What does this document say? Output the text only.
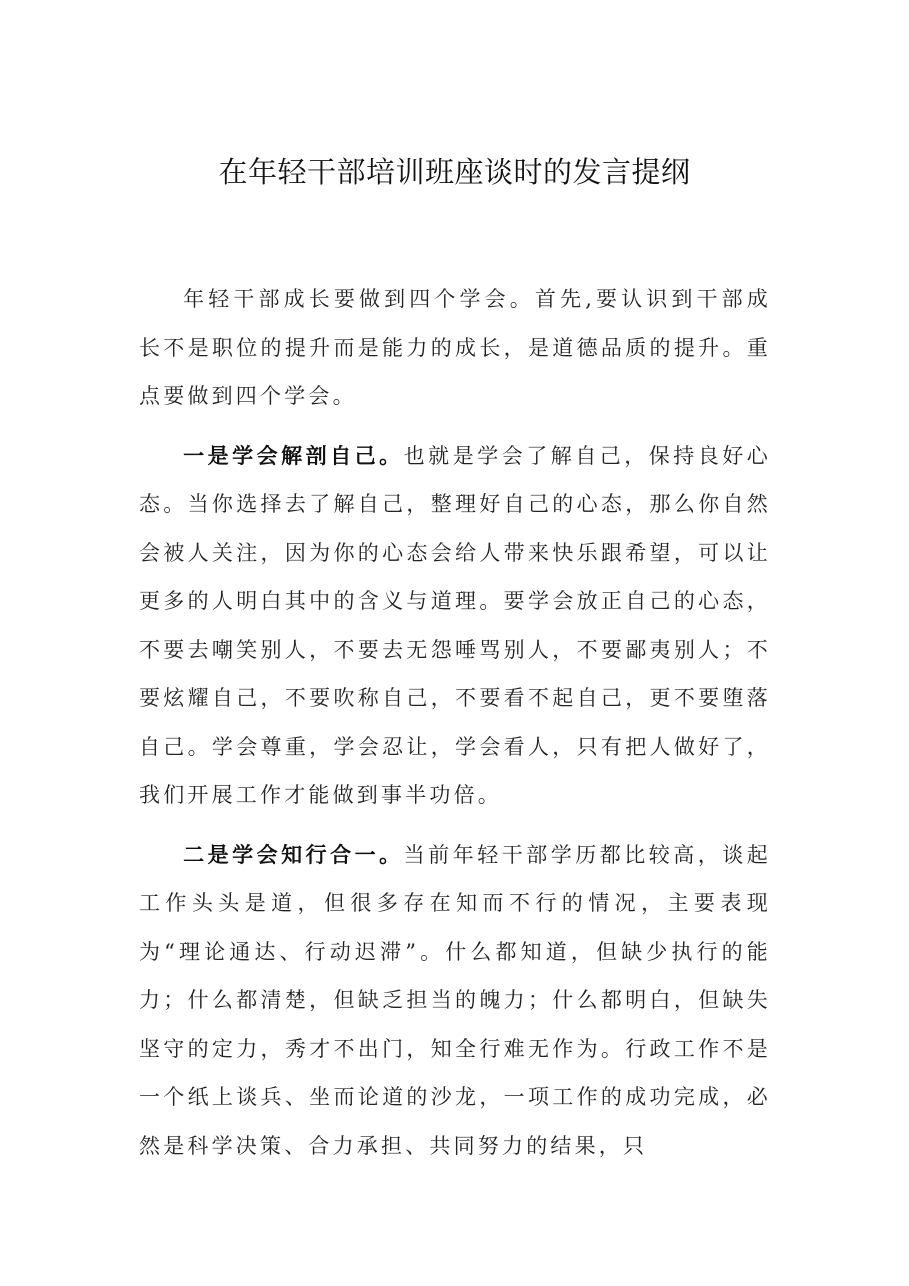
在年轻干部培训班座谈时的发言提纲

年轻干部成长要做到四个学会。首先,要认识到干部成长不是职位的提升而是能力的成长，是道德品质的提升。重点要做到四个学会。

一是学会解剖自己。也就是学会了解自己，保持良好心态。当你选择去了解自己，整理好自己的心态，那么你自然会被人关注，因为你的心态会给人带来快乐跟希望，可以让更多的人明白其中的含义与道理。要学会放正自己的心态，不要去嘲笑别人，不要去无怨唾骂别人，不要鄙夷别人；不要炫耀自己，不要吹称自己，不要看不起自己，更不要堕落自己。学会尊重，学会忍让，学会看人，只有把人做好了，我们开展工作才能做到事半功倍。

二是学会知行合一。当前年轻干部学历都比较高，谈起工作头头是道，但很多存在知而不行的情况，主要表现为“理论通达、行动迟滞”。什么都知道，但缺少执行的能力；什么都清楚，但缺乏担当的魄力；什么都明白，但缺失坚守的定力，秀才不出门，知全行难无作为。行政工作不是一个纸上谈兵、坐而论道的沙龙，一项工作的成功完成，必然是科学决策、合力承担、共同努力的结果，只
